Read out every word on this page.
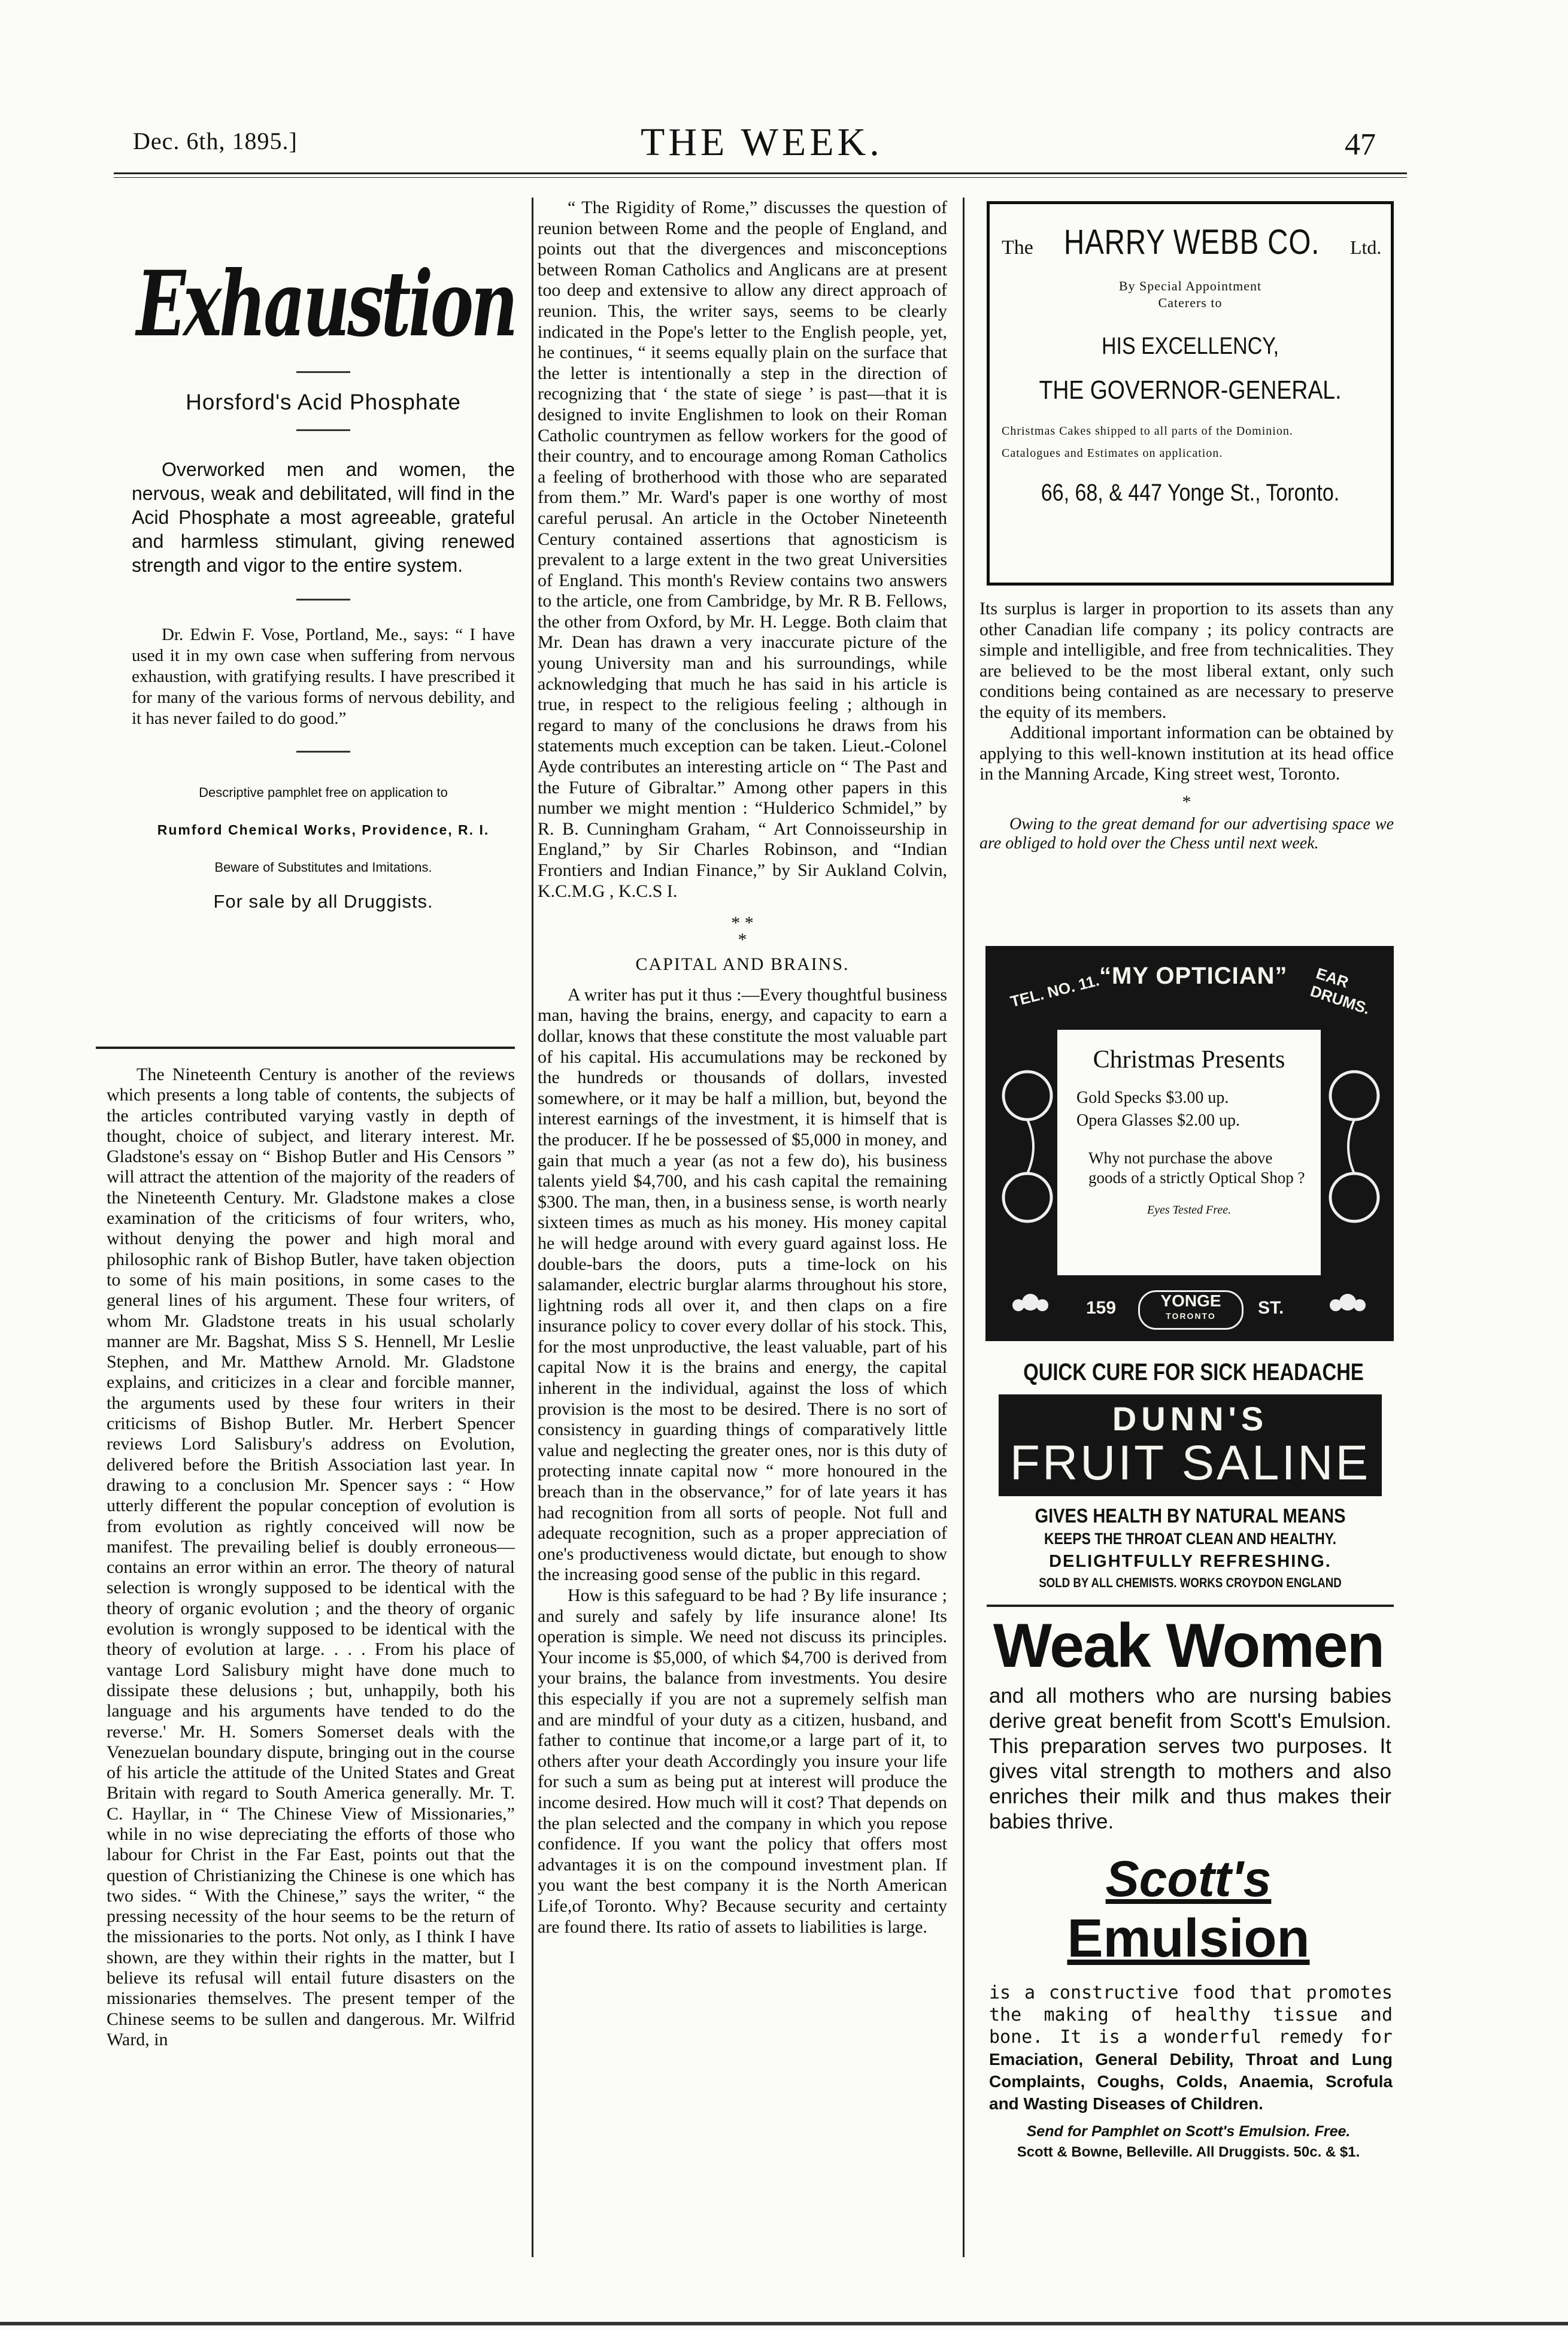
Dec. 6th, 1895.]	THE WEEK.	47
Exhaustion
Horsford's Acid Phosphate
Overworked men and women, the nervous, weak and debilitated, will find in the Acid Phosphate a most agreeable, grateful and harmless stimulant, giving renewed strength and vigor to the entire system.
Dr. Edwin F. Vose, Portland, Me., says: “ I have used it in my own case when suffering from nervous exhaustion, with gratifying results. I have prescribed it for many of the various forms of nervous debility, and it has never failed to do good.”
Descriptive pamphlet free on application to
Rumford Chemical Works, Providence, R. I.
Beware of Substitutes and Imitations.
For sale by all Druggists.

The Nineteenth Century is another of the reviews which presents a long table of contents, the subjects of the articles contributed varying vastly in depth of thought, choice of subject, and literary interest. Mr. Gladstone's essay on “ Bishop Butler and His Censors ” will attract the attention of the majority of the readers of the Nineteenth Century. Mr. Gladstone makes a close examination of the criticisms of four writers, who, without denying the power and high moral and philosophic rank of Bishop Butler, have taken objection to some of his main positions, in some cases to the general lines of his argument. These four writers, of whom Mr. Gladstone treats in his usual scholarly manner are Mr. Bagshat, Miss S S. Hennell, Mr Leslie Stephen, and Mr. Matthew Arnold. Mr. Gladstone explains, and criticizes in a clear and forcible manner, the arguments used by these four writers in their criticisms of Bishop Butler. Mr. Herbert Spencer reviews Lord Salisbury's address on Evolution, delivered before the British Association last year. In drawing to a conclusion Mr. Spencer says : “ How utterly different the popular conception of evolution is from evolution as rightly conceived will now be manifest. The prevailing belief is doubly erroneous—contains an error within an error. The theory of natural selection is wrongly supposed to be identical with the theory of organic evolution ; and the theory of organic evolution is wrongly supposed to be identical with the theory of evolution at large. . . . From his place of vantage Lord Salisbury might have done much to dissipate these delusions ; but, unhappily, both his language and his arguments have tended to do the reverse.' Mr. H. Somers Somerset deals with the Venezuelan boundary dispute, bringing out in the course of his article the attitude of the United States and Great Britain with regard to South America generally. Mr. T. C. Hayllar, in “ The Chinese View of Missionaries,” while in no wise depreciating the efforts of those who labour for Christ in the Far East, points out that the question of Christianizing the Chinese is one which has two sides. “ With the Chinese,” says the writer, “ the pressing necessity of the hour seems to be the return of the missionaries to the ports. Not only, as I think I have shown, are they within their rights in the matter, but I believe its refusal will entail future disasters on the missionaries themselves. The present temper of the Chinese seems to be sullen and dangerous. Mr. Wilfrid Ward, in

“ The Rigidity of Rome,” discusses the question of reunion between Rome and the people of England, and points out that the divergences and misconceptions between Roman Catholics and Anglicans are at present too deep and extensive to allow any direct approach of reunion. This, the writer says, seems to be clearly indicated in the Pope's letter to the English people, yet, he continues, “ it seems equally plain on the surface that the letter is intentionally a step in the direction of recognizing that ‘ the state of siege ’ is past—that it is designed to invite Englishmen to look on their Roman Catholic countrymen as fellow workers for the good of their country, and to encourage among Roman Catholics a feeling of brotherhood with those who are separated from them.” Mr. Ward's paper is one worthy of most careful perusal. An article in the October Nineteenth Century contained assertions that agnosticism is prevalent to a large extent in the two great Universities of England. This month's Review contains two answers to the article, one from Cambridge, by Mr. R B. Fellows, the other from Oxford, by Mr. H. Legge. Both claim that Mr. Dean has drawn a very inaccurate picture of the young University man and his surroundings, while acknowledging that much he has said in his article is true, in respect to the religious feeling ; although in regard to many of the conclusions he draws from his statements much exception can be taken. Lieut.-Colonel Ayde contributes an interesting article on “ The Past and the Future of Gibraltar.” Among other papers in this number we might mention : “Hulderico Schmidel,” by R. B. Cunningham Graham, “ Art Connoisseurship in England,” by Sir Charles Robinson, and “Indian Frontiers and Indian Finance,” by Sir Aukland Colvin, K.C.M.G , K.C.S I.

* *
*
CAPITAL AND BRAINS.

A writer has put it thus :—Every thoughtful business man, having the brains, energy, and capacity to earn a dollar, knows that these constitute the most valuable part of his capital. His accumulations may be reckoned by the hundreds or thousands of dollars, invested somewhere, or it may be half a million, but, beyond the interest earnings of the investment, it is himself that is the producer. If he be possessed of $5,000 in money, and gain that much a year (as not a few do), his business talents yield $4,700, and his cash capital the remaining $300. The man, then, in a business sense, is worth nearly sixteen times as much as his money. His money capital he will hedge around with every guard against loss. He double-bars the doors, puts a time-lock on his salamander, electric burglar alarms throughout his store, lightning rods all over it, and then claps on a fire insurance policy to cover every dollar of his stock. This, for the most unproductive, the least valuable, part of his capital Now it is the brains and energy, the capital inherent in the individual, against the loss of which provision is the most to be desired. There is no sort of consistency in guarding things of comparatively little value and neglecting the greater ones, nor is this duty of protecting innate capital now “ more honoured in the breach than in the observance,” for of late years it has had recognition from all sorts of people. Not full and adequate recognition, such as a proper appreciation of one's productiveness would dictate, but enough to show the increasing good sense of the public in this regard.

How is this safeguard to be had ? By life insurance ; and surely and safely by life insurance alone! Its operation is simple. We need not discuss its principles. Your income is $5,000, of which $4,700 is derived from your brains, the balance from investments. You desire this especially if you are not a supremely selfish man and are mindful of your duty as a citizen, husband, and father to continue that income,or a large part of it, to others after your death Accordingly you insure your life for such a sum as being put at interest will produce the income desired. How much will it cost? That depends on the plan selected and the company in which you repose confidence. If you want the policy that offers most advantages it is on the compound investment plan. If you want the best company it is the North American Life,of Toronto. Why? Because security and certainty are found there. Its ratio of assets to liabilities is large.

The HARRY WEBB CO. Ltd.
By Special Appointment
Caterers to
HIS EXCELLENCY,
THE GOVERNOR-GENERAL.
Christmas Cakes shipped to all parts of the Dominion.
Catalogues and Estimates on application.
66, 68, & 447 Yonge St., Toronto.

Its surplus is larger in proportion to its assets than any other Canadian life company ; its policy contracts are simple and intelligible, and free from technicalities. They are believed to be the most liberal extant, only such conditions being contained as are necessary to preserve the equity of its members.

Additional important information can be obtained by applying to this well-known institution at its head office in the Manning Arcade, King street west, Toronto.

*

Owing to the great demand for our advertising space we are obliged to hold over the Chess until next week.

TEL. NO. 11.
“MY OPTICIAN”	EAR DRUMS.
Christmas Presents
Gold Specks $3.00 up.
Opera Glasses $2.00 up.
Why not purchase the above goods of a strictly Optical Shop ?
Eyes Tested Free.
159	YONGE
TORONTO	ST.
QUICK CURE FOR SICK HEADACHE
DUNN'S
FRUIT SALINE
GIVES HEALTH BY NATURAL MEANS
KEEPS THE THROAT CLEAN AND HEALTHY.
DELIGHTFULLY REFRESHING.
SOLD BY ALL CHEMISTS. WORKS CROYDON ENGLAND
Weak Women
and all mothers who are nursing babies derive great benefit from Scott's Emulsion. This preparation serves two purposes. It gives vital strength to mothers and also enriches their milk and thus makes their babies thrive.
Scott's
Emulsion
is a constructive food that promotes the making of healthy tissue and bone. It is a wonderful remedy for Emaciation, General Debility, Throat and Lung Complaints, Coughs, Colds, Anaemia, Scrofula and Wasting Diseases of Children.
Send for Pamphlet on Scott's Emulsion. Free.
Scott & Bowne, Belleville. All Druggists. 50c. & $1.
